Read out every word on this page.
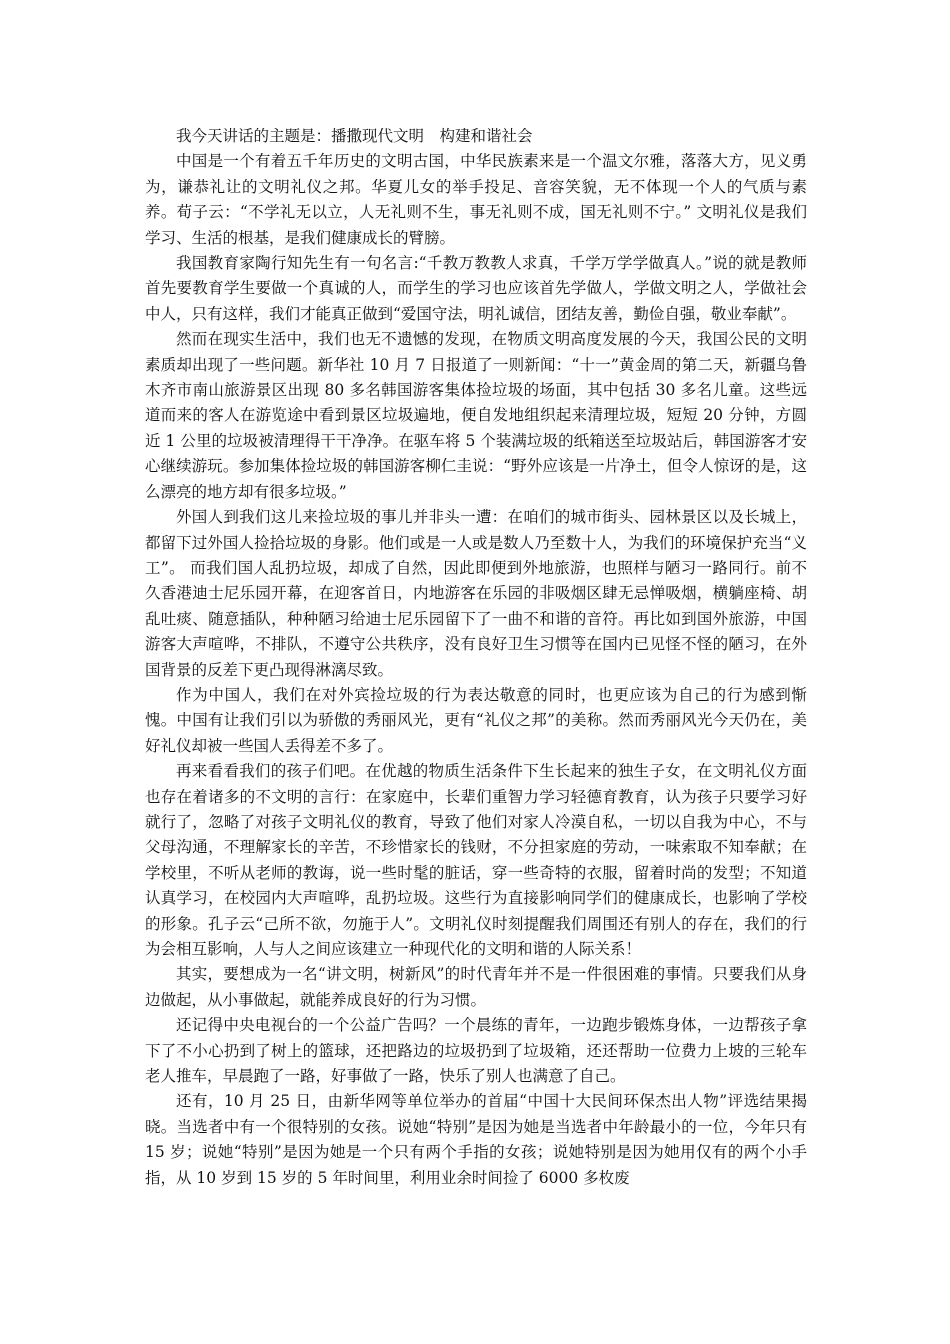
我今天讲话的主题是：播撒现代文明　构建和谐社会

中国是一个有着五千年历史的文明古国，中华民族素来是一个温文尔雅，落落大方，见义勇为，谦恭礼让的文明礼仪之邦。华夏儿女的举手投足、音容笑貌，无不体现一个人的气质与素养。荀子云：“不学礼无以立，人无礼则不生，事无礼则不成，国无礼则不宁。” 文明礼仪是我们学习、生活的根基，是我们健康成长的臂膀。

我国教育家陶行知先生有一句名言:“千教万教教人求真，千学万学学做真人。”说的就是教师首先要教育学生要做一个真诚的人，而学生的学习也应该首先学做人，学做文明之人，学做社会中人，只有这样，我们才能真正做到“爱国守法，明礼诚信，团结友善，勤俭自强，敬业奉献”。

然而在现实生活中，我们也无不遗憾的发现，在物质文明高度发展的今天，我国公民的文明素质却出现了一些问题。新华社 10 月 7 日报道了一则新闻：“十一”黄金周的第二天，新疆乌鲁木齐市南山旅游景区出现 80 多名韩国游客集体捡垃圾的场面，其中包括 30 多名儿童。这些远道而来的客人在游览途中看到景区垃圾遍地，便自发地组织起来清理垃圾，短短 20 分钟，方圆近 1 公里的垃圾被清理得干干净净。在驱车将 5 个装满垃圾的纸箱送至垃圾站后，韩国游客才安心继续游玩。参加集体捡垃圾的韩国游客柳仁圭说：“野外应该是一片净土，但令人惊讶的是，这么漂亮的地方却有很多垃圾。”

外国人到我们这儿来捡垃圾的事儿并非头一遭：在咱们的城市街头、园林景区以及长城上，都留下过外国人捡拾垃圾的身影。他们或是一人或是数人乃至数十人，为我们的环境保护充当“义工”。 而我们国人乱扔垃圾，却成了自然，因此即便到外地旅游，也照样与陋习一路同行。前不久香港迪士尼乐园开幕，在迎客首日，内地游客在乐园的非吸烟区肆无忌惮吸烟，横躺座椅、胡乱吐痰、随意插队，种种陋习给迪士尼乐园留下了一曲不和谐的音符。再比如到国外旅游，中国游客大声喧哗，不排队，不遵守公共秩序，没有良好卫生习惯等在国内已见怪不怪的陋习，在外国背景的反差下更凸现得淋漓尽致。

作为中国人，我们在对外宾捡垃圾的行为表达敬意的同时，也更应该为自己的行为感到惭愧。中国有让我们引以为骄傲的秀丽风光，更有“礼仪之邦”的美称。然而秀丽风光今天仍在，美好礼仪却被一些国人丢得差不多了。

再来看看我们的孩子们吧。在优越的物质生活条件下生长起来的独生子女，在文明礼仪方面也存在着诸多的不文明的言行：在家庭中，长辈们重智力学习轻德育教育，认为孩子只要学习好就行了，忽略了对孩子文明礼仪的教育，导致了他们对家人冷漠自私，一切以自我为中心，不与父母沟通，不理解家长的辛苦，不珍惜家长的钱财，不分担家庭的劳动，一味索取不知奉献；在学校里，不听从老师的教诲，说一些时髦的脏话，穿一些奇特的衣服，留着时尚的发型；不知道认真学习，在校园内大声喧哗，乱扔垃圾。这些行为直接影响同学们的健康成长，也影响了学校的形象。孔子云“己所不欲，勿施于人”。文明礼仪时刻提醒我们周围还有别人的存在，我们的行为会相互影响，人与人之间应该建立一种现代化的文明和谐的人际关系！

其实，要想成为一名“讲文明，树新风”的时代青年并不是一件很困难的事情。只要我们从身边做起，从小事做起，就能养成良好的行为习惯。

还记得中央电视台的一个公益广告吗？一个晨练的青年，一边跑步锻炼身体，一边帮孩子拿下了不小心扔到了树上的篮球，还把路边的垃圾扔到了垃圾箱，还还帮助一位费力上坡的三轮车老人推车，早晨跑了一路，好事做了一路，快乐了别人也满意了自己。

还有，10 月 25 日，由新华网等单位举办的首届“中国十大民间环保杰出人物”评选结果揭晓。当选者中有一个很特别的女孩。说她“特别”是因为她是当选者中年龄最小的一位，今年只有 15 岁；说她“特别”是因为她是一个只有两个手指的女孩；说她特别是因为她用仅有的两个小手指，从 10 岁到 15 岁的 5 年时间里，利用业余时间捡了 6000 多枚废
